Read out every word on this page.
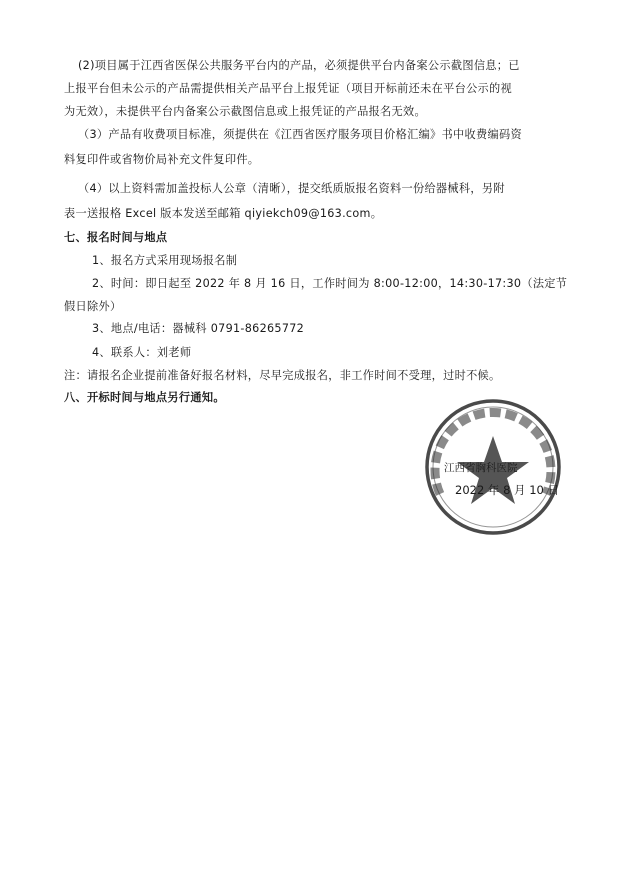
(2)项目属于江西省医保公共服务平台内的产品，必须提供平台内备案公示截图信息；已
上报平台但未公示的产品需提供相关产品平台上报凭证（项目开标前还未在平台公示的视
为无效），未提供平台内备案公示截图信息或上报凭证的产品报名无效。
（3）产品有收费项目标准，须提供在《江西省医疗服务项目价格汇编》书中收费编码资
料复印件或省物价局补充文件复印件。
（4）以上资料需加盖投标人公章（清晰），提交纸质版报名资料一份给器械科，另附
表一送报格 Excel 版本发送至邮箱 qiyiekch09@163.com。
七、报名时间与地点
1、报名方式采用现场报名制
2、时间：即日起至 2022 年 8 月 16 日，工作时间为 8:00-12:00，14:30-17:30（法定节
假日除外）
3、地点/电话：器械科 0791-86265772
4、联系人：刘老师
注：请报名企业提前准备好报名材料，尽早完成报名，非工作时间不受理，过时不候。
八、开标时间与地点另行通知。
江西省胸科医院
2022 年 8 月 10 日
